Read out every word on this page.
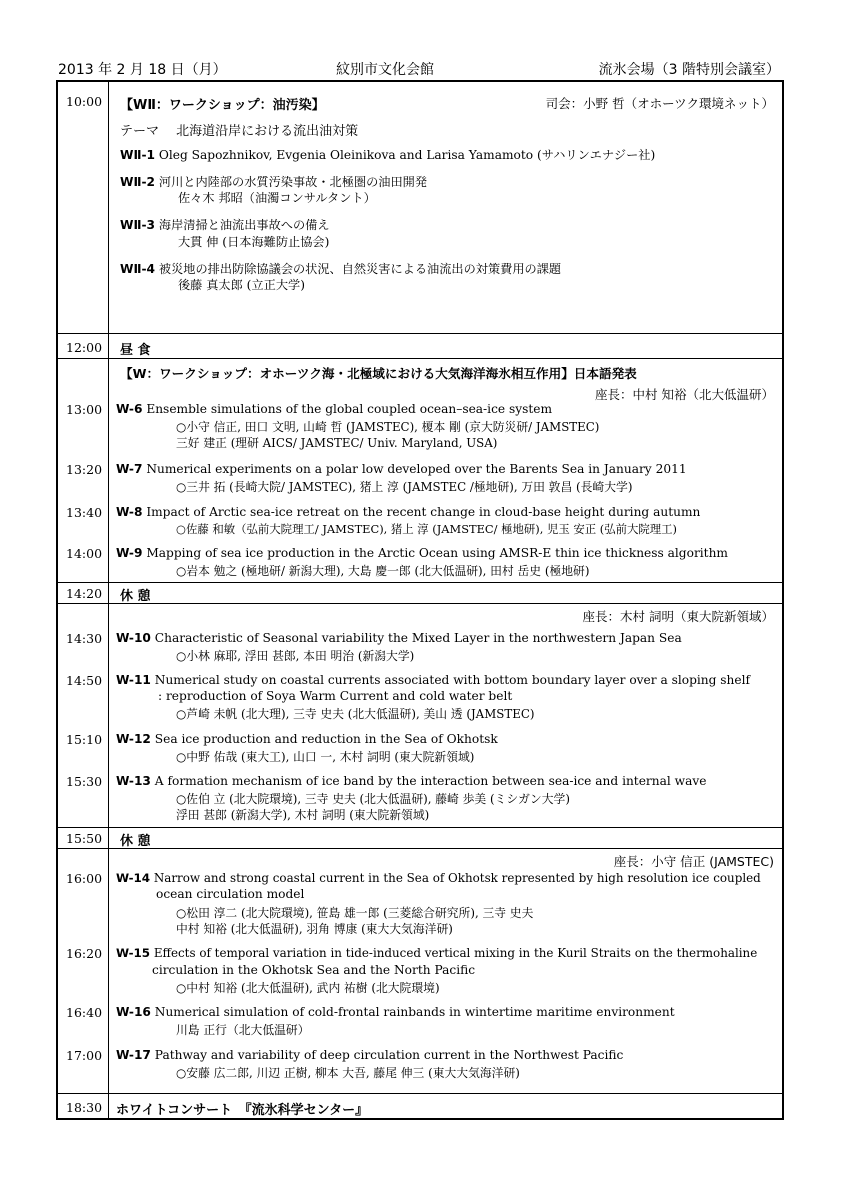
2013 年 2 月 18 日（月）	紋別市文化会館	流氷会場（3 階特別会議室）
10:00 【WⅡ：ワークショップ：油汚染】	司会：小野 哲（オホーツク環境ネット）
テーマ　 北海道沿岸における流出油対策
WⅡ-1 Oleg Sapozhnikov, Evgenia Oleinikova and Larisa Yamamoto (サハリンエナジー社)
WⅡ-2 河川と内陸部の水質汚染事故・北極圏の油田開発
佐々木 邦昭（油濁コンサルタント）
WⅡ-3 海岸清掃と油流出事故への備え
大貫 伸 (日本海難防止協会)
WⅡ-4 被災地の排出防除協議会の状況、自然災害による油流出の対策費用の課題
後藤 真太郎 (立正大学)
12:00 昼 食
【W：ワークショップ：オホーツク海・北極域における大気海洋海氷相互作用】日本語発表
座長：中村 知裕（北大低温研）
13:00 W-6 Ensemble simulations of the global coupled ocean–sea-ice system
○小守 信正, 田口 文明, 山崎 哲 (JAMSTEC), 榎本 剛 (京大防災研/ JAMSTEC)
三好 建正 (理研 AICS/ JAMSTEC/ Univ. Maryland, USA)
13:20 W-7 Numerical experiments on a polar low developed over the Barents Sea in January 2011
○三井 拓 (長崎大院/ JAMSTEC), 猪上 淳 (JAMSTEC /極地研), 万田 敦昌 (長崎大学)
13:40 W-8 Impact of Arctic sea-ice retreat on the recent change in cloud-base height during autumn
○佐藤 和敏（弘前大院理工/ JAMSTEC), 猪上 淳 (JAMSTEC/ 極地研), 児玉 安正 (弘前大院理工)
14:00 W-9 Mapping of sea ice production in the Arctic Ocean using AMSR-E thin ice thickness algorithm
○岩本 勉之 (極地研/ 新潟大理), 大島 慶一郎 (北大低温研), 田村 岳史 (極地研)
14:20 休 憩
座長：木村 詞明（東大院新領域）
14:30 W-10 Characteristic of Seasonal variability the Mixed Layer in the northwestern Japan Sea
○小林 麻耶, 浮田 甚郎, 本田 明治 (新潟大学)
14:50 W-11 Numerical study on coastal currents associated with bottom boundary layer over a sloping shelf
: reproduction of Soya Warm Current and cold water belt
○芦崎 未帆 (北大理), 三寺 史夫 (北大低温研), 美山 透 (JAMSTEC)
15:10 W-12 Sea ice production and reduction in the Sea of Okhotsk
○中野 佑哉 (東大工), 山口 一, 木村 詞明 (東大院新領域)
15:30 W-13 A formation mechanism of ice band by the interaction between sea-ice and internal wave
○佐伯 立 (北大院環境), 三寺 史夫 (北大低温研), 藤崎 歩美 (ミシガン大学)
浮田 甚郎 (新潟大学), 木村 詞明 (東大院新領域)
15:50 休 憩
座長：小守 信正 (JAMSTEC)
16:00 W-14 Narrow and strong coastal current in the Sea of Okhotsk represented by high resolution ice coupled
ocean circulation model
○松田 淳二 (北大院環境), 笹島 雄一郎 (三菱総合研究所), 三寺 史夫
中村 知裕 (北大低温研), 羽角 博康 (東大大気海洋研)
16:20 W-15 Effects of temporal variation in tide-induced vertical mixing in the Kuril Straits on the thermohaline
circulation in the Okhotsk Sea and the North Pacific
○中村 知裕 (北大低温研), 武内 祐樹 (北大院環境)
16:40 W-16 Numerical simulation of cold-frontal rainbands in wintertime maritime environment
川島 正行（北大低温研）
17:00 W-17 Pathway and variability of deep circulation current in the Northwest Pacific
○安藤 広二郎, 川辺 正樹, 柳本 大吾, 藤尾 伸三 (東大大気海洋研)
18:30 ホワイトコンサート　『流氷科学センター』
